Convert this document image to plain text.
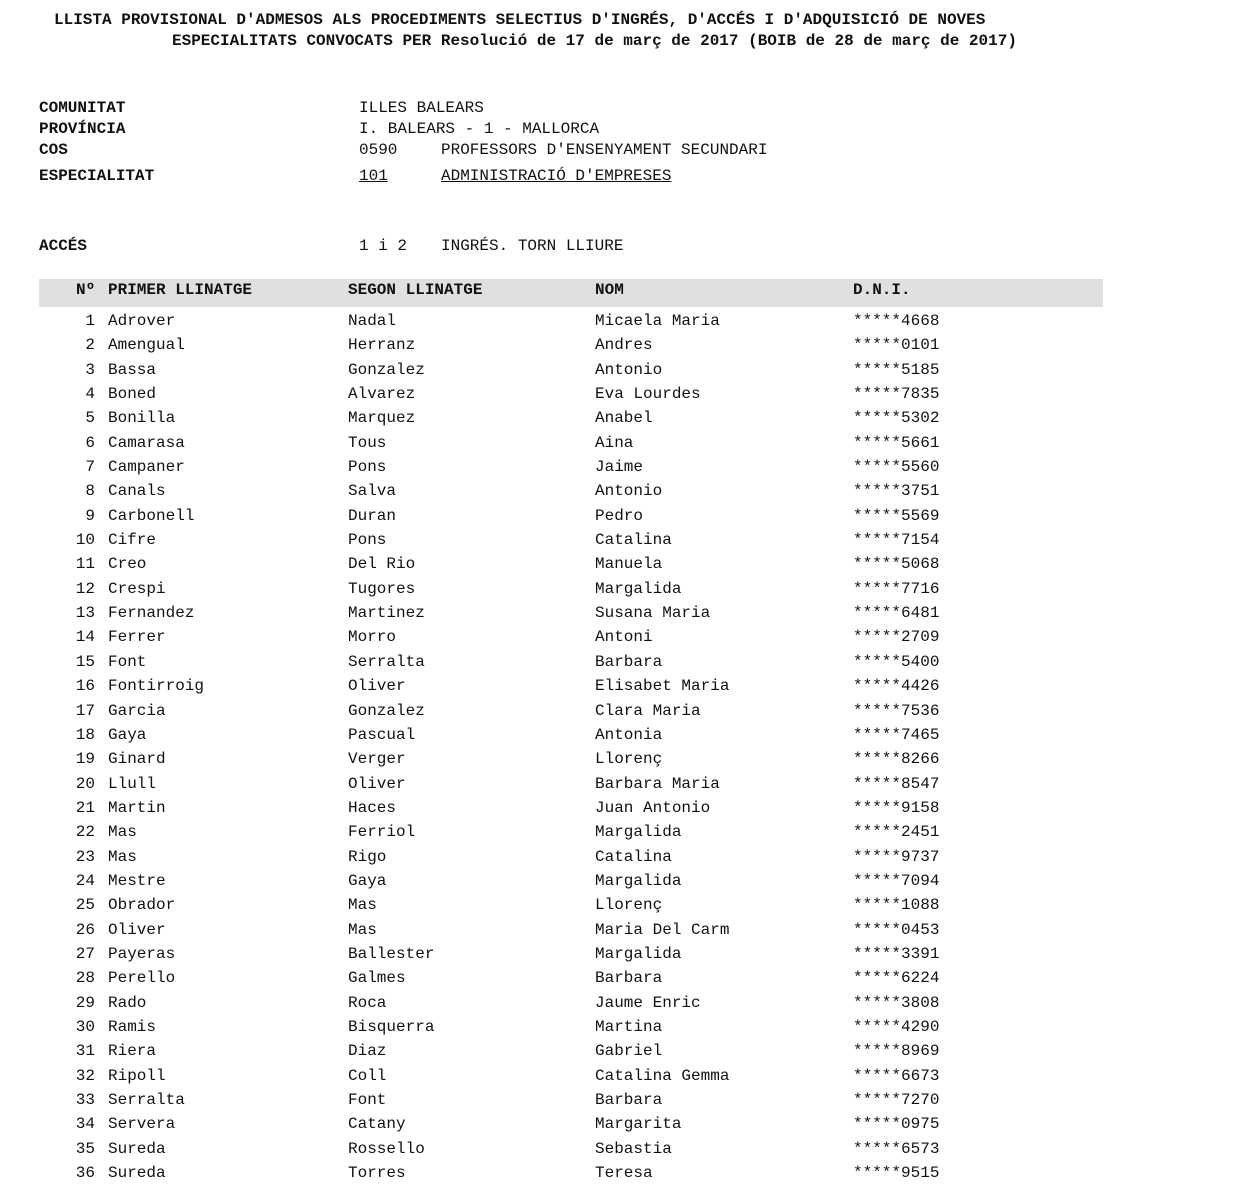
LLISTA PROVISIONAL D'ADMESOS ALS PROCEDIMENTS SELECTIUS D'INGRÉS, D'ACCÉS I D'ADQUISICIÓ DE NOVES
ESPECIALITATS CONVOCATS PER Resolució de 17 de març de 2017 (BOIB de 28 de març de 2017)
COMUNITAT	ILLES BALEARS
PROVÍNCIA	I. BALEARS - 1 - MALLORCA
COS	0590	PROFESSORS D'ENSENYAMENT SECUNDARI
ESPECIALITAT	101	ADMINISTRACIÓ D'EMPRESES
ACCÉS	1 i 2 INGRÉS. TORN LLIURE
Nº PRIMER LLINATGE	SEGON LLINATGE	NOM	D.N.I.
1 Adrover	Nadal	Micaela Maria	*****4668
2 Amengual	Herranz	Andres	*****0101
3 Bassa	Gonzalez	Antonio	*****5185
4 Boned	Alvarez	Eva Lourdes	*****7835
5 Bonilla	Marquez	Anabel	*****5302
6 Camarasa	Tous	Aina	*****5661
7 Campaner	Pons	Jaime	*****5560
8 Canals	Salva	Antonio	*****3751
9 Carbonell	Duran	Pedro	*****5569
10 Cifre	Pons	Catalina	*****7154
11 Creo	Del Rio	Manuela	*****5068
12 Crespi	Tugores	Margalida	*****7716
13 Fernandez	Martinez	Susana Maria	*****6481
14 Ferrer	Morro	Antoni	*****2709
15 Font	Serralta	Barbara	*****5400
16 Fontirroig	Oliver	Elisabet Maria	*****4426
17 Garcia	Gonzalez	Clara Maria	*****7536
18 Gaya	Pascual	Antonia	*****7465
19 Ginard	Verger	Llorenç	*****8266
20 Llull	Oliver	Barbara Maria	*****8547
21 Martin	Haces	Juan Antonio	*****9158
22 Mas	Ferriol	Margalida	*****2451
23 Mas	Rigo	Catalina	*****9737
24 Mestre	Gaya	Margalida	*****7094
25 Obrador	Mas	Llorenç	*****1088
26 Oliver	Mas	Maria Del Carm	*****0453
27 Payeras	Ballester	Margalida	*****3391
28 Perello	Galmes	Barbara	*****6224
29 Rado	Roca	Jaume Enric	*****3808
30 Ramis	Bisquerra	Martina	*****4290
31 Riera	Diaz	Gabriel	*****8969
32 Ripoll	Coll	Catalina Gemma	*****6673
33 Serralta	Font	Barbara	*****7270
34 Servera	Catany	Margarita	*****0975
35 Sureda	Rossello	Sebastia	*****6573
36 Sureda	Torres	Teresa	*****9515
